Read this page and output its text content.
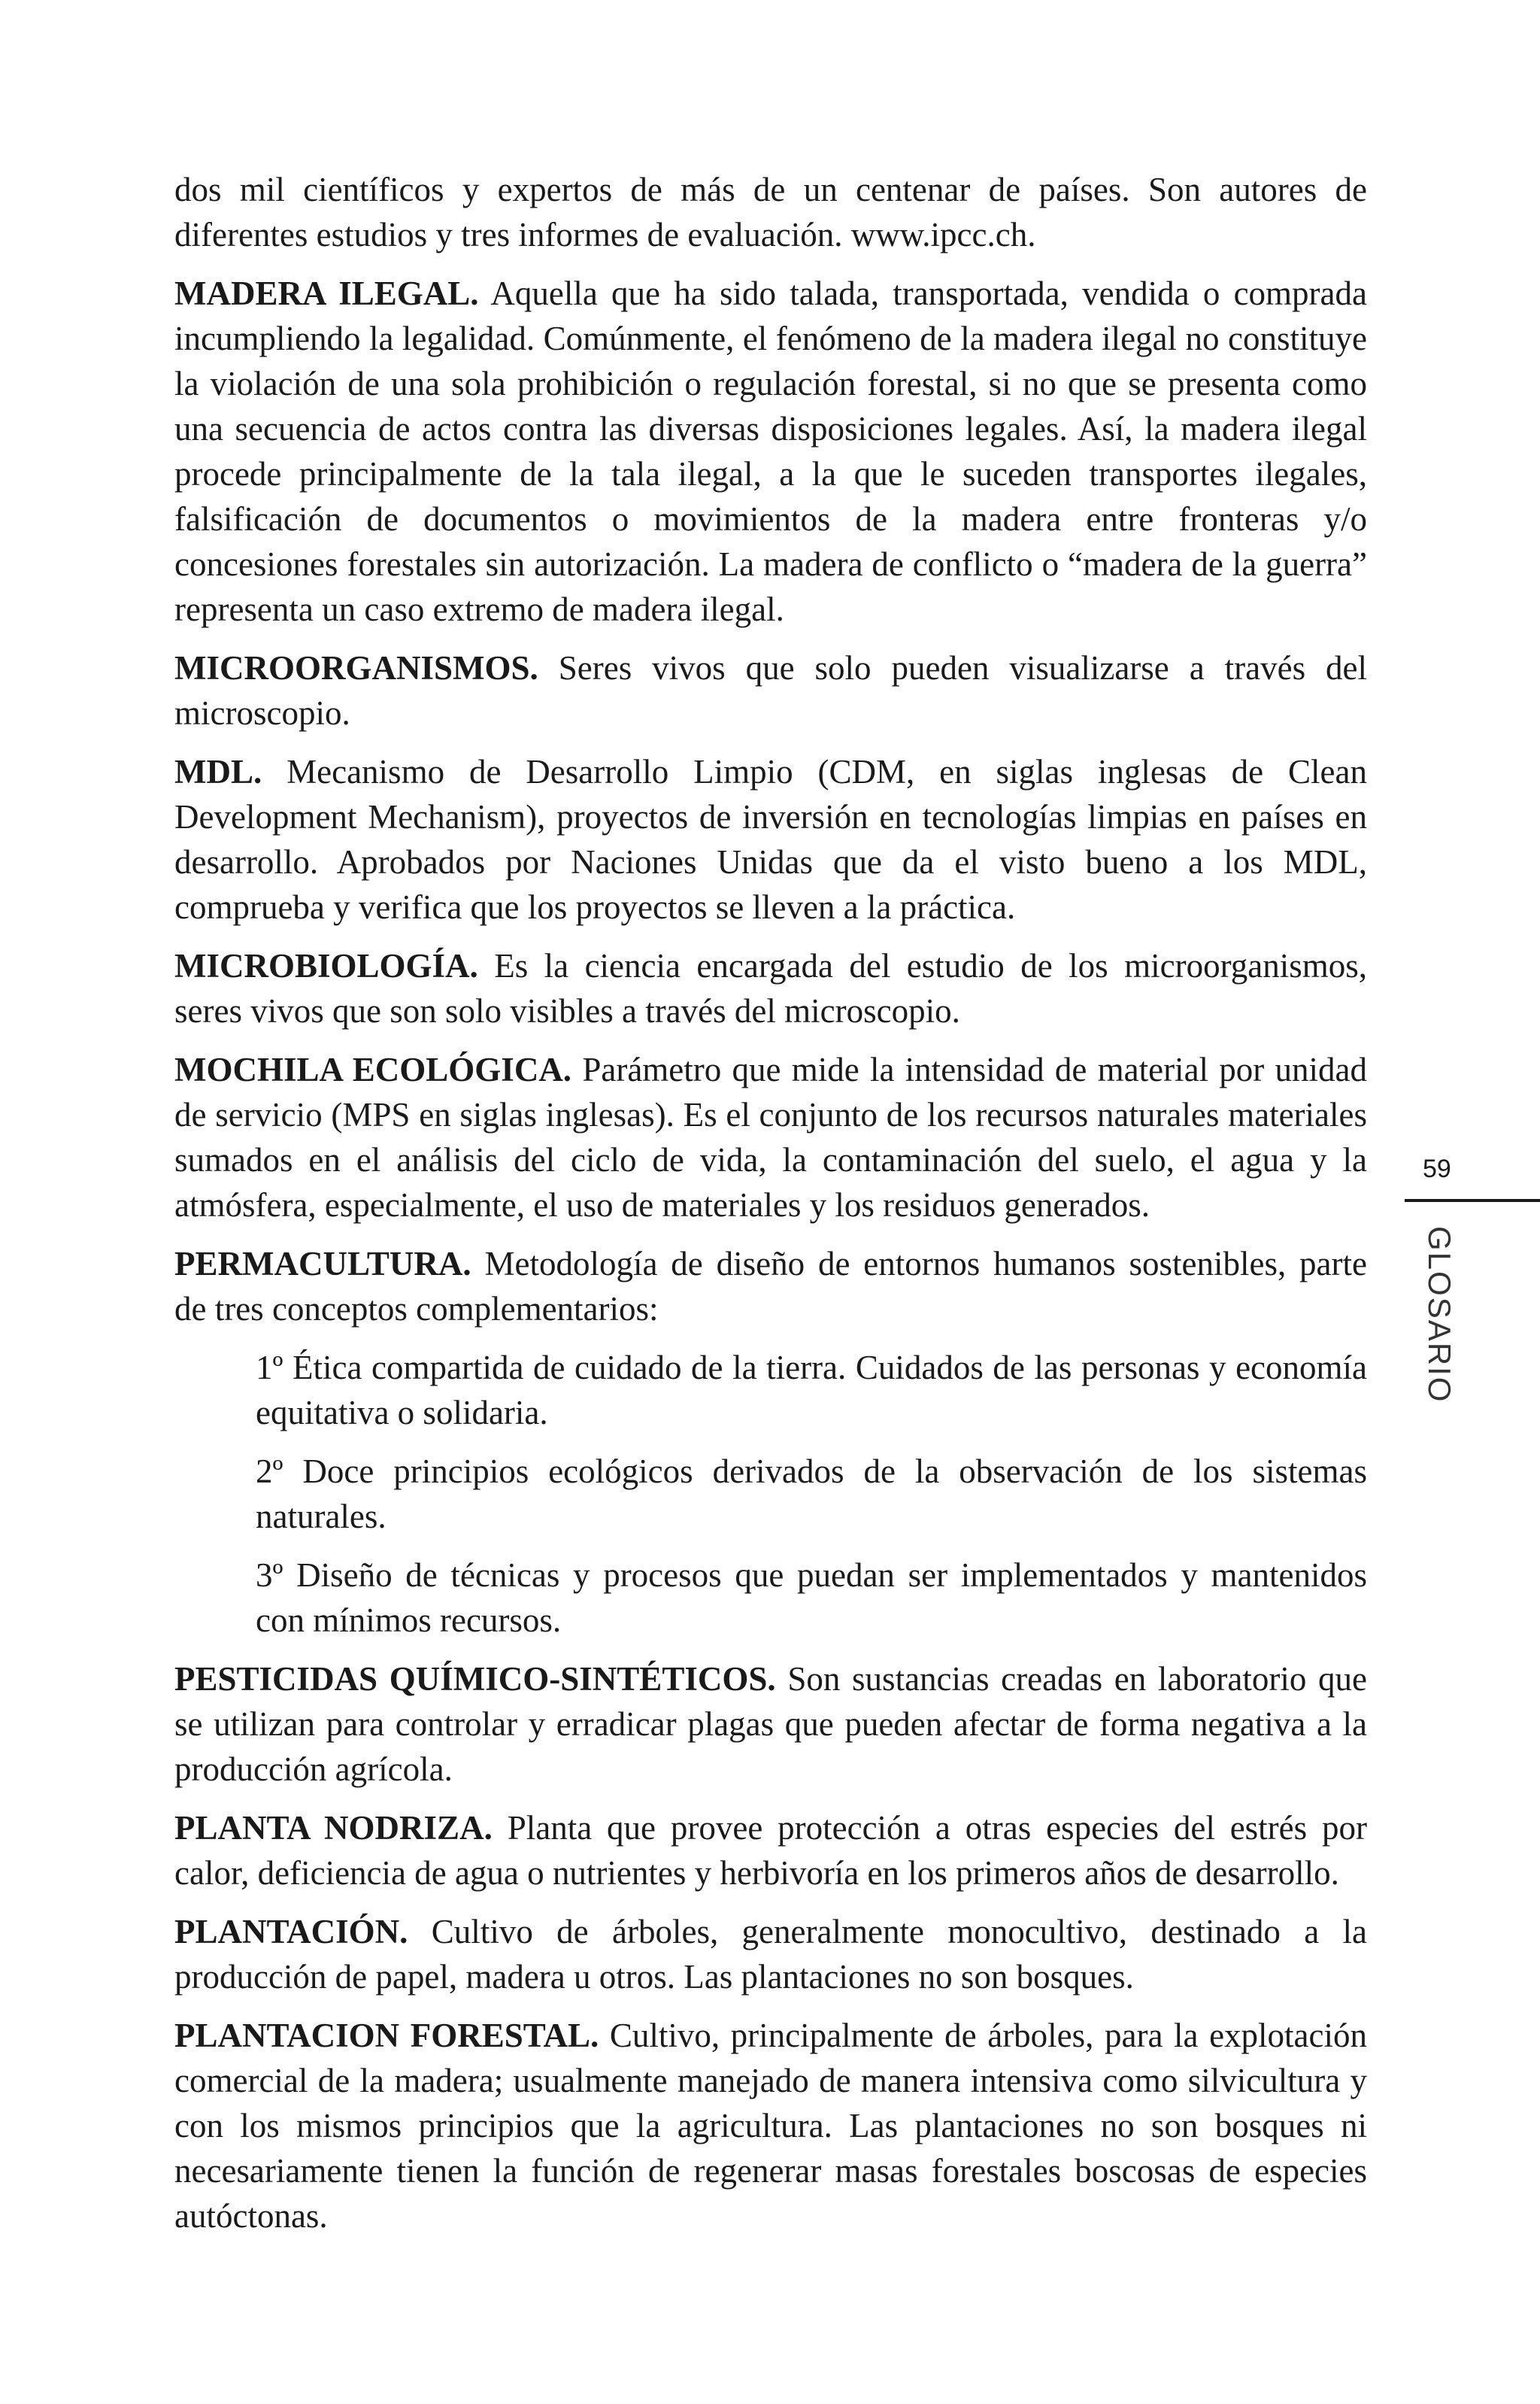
dos mil científicos y expertos de más de un centenar de países. Son autores de diferentes estudios y tres informes de evaluación. www.ipcc.ch.

MADERA ILEGAL. Aquella que ha sido talada, transportada, vendida o comprada incumpliendo la legalidad. Comúnmente, el fenómeno de la madera ilegal no constituye la violación de una sola prohibición o regulación forestal, si no que se presenta como una secuencia de actos contra las diversas disposiciones legales. Así, la madera ilegal procede principalmente de la tala ilegal, a la que le suceden transportes ilegales, falsificación de documentos o movimientos de la madera entre fronteras y/o concesiones forestales sin autorización. La madera de conflicto o “madera de la guerra” representa un caso extremo de madera ilegal.

MICROORGANISMOS. Seres vivos que solo pueden visualizarse a través del microscopio.

MDL. Mecanismo de Desarrollo Limpio (CDM, en siglas inglesas de Clean Development Mechanism), proyectos de inversión en tecnologías limpias en países en desarrollo. Aprobados por Naciones Unidas que da el visto bueno a los MDL, comprueba y verifica que los proyectos se lleven a la práctica.

MICROBIOLOGÍA. Es la ciencia encargada del estudio de los microorganismos, seres vivos que son solo visibles a través del microscopio.

MOCHILA ECOLÓGICA. Parámetro que mide la intensidad de material por unidad de servicio (MPS en siglas inglesas). Es el conjunto de los recursos naturales materiales sumados en el análisis del ciclo de vida, la contaminación del suelo, el agua y la atmósfera, especialmente, el uso de materiales y los residuos generados.

PERMACULTURA. Metodología de diseño de entornos humanos sostenibles, parte de tres conceptos complementarios:

1º Ética compartida de cuidado de la tierra. Cuidados de las personas y economía equitativa o solidaria.

2º Doce principios ecológicos derivados de la observación de los sistemas naturales.

3º Diseño de técnicas y procesos que puedan ser implementados y mantenidos con mínimos recursos.

PESTICIDAS QUÍMICO-SINTÉTICOS. Son sustancias creadas en laboratorio que se utilizan para controlar y erradicar plagas que pueden afectar de forma negativa a la producción agrícola.

PLANTA NODRIZA. Planta que provee protección a otras especies del estrés por calor, deficiencia de agua o nutrientes y herbivoría en los primeros años de desarrollo.

PLANTACIÓN. Cultivo de árboles, generalmente monocultivo, destinado a la producción de papel, madera u otros. Las plantaciones no son bosques.

PLANTACION FORESTAL. Cultivo, principalmente de árboles, para la explotación comercial de la madera; usualmente manejado de manera intensiva como silvicultura y con los mismos principios que la agricultura. Las plantaciones no son bosques ni necesariamente tienen la función de regenerar masas forestales boscosas de especies autóctonas.

59
GLOSARIO
